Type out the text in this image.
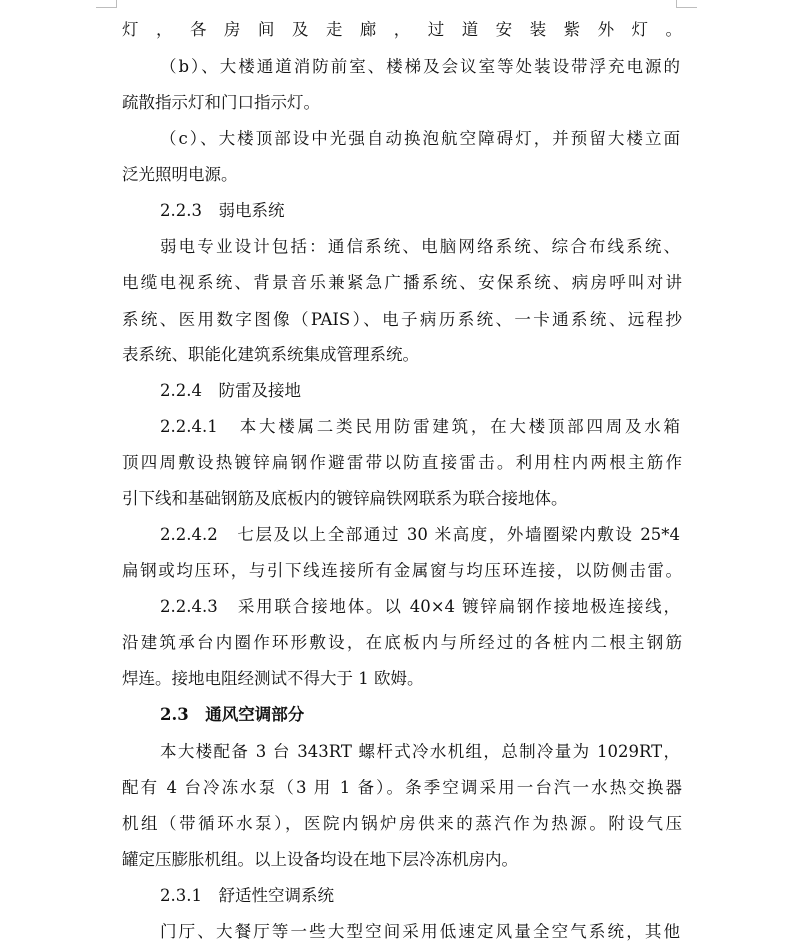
灯，各房间及走廊，过道安装紫外灯。
（b）、大楼通道消防前室、楼梯及会议室等处装设带浮充电源的
疏散指示灯和门口指示灯。
（c）、大楼顶部设中光强自动换泡航空障碍灯，并预留大楼立面
泛光照明电源。
2.2.3　弱电系统
弱电专业设计包括：通信系统、电脑网络系统、综合布线系统、
电缆电视系统、背景音乐兼紧急广播系统、安保系统、病房呼叫对讲
系统、医用数字图像（PAIS）、电子病历系统、一卡通系统、远程抄
表系统、职能化建筑系统集成管理系统。
2.2.4　防雷及接地
2.2.4.1　本大楼属二类民用防雷建筑，在大楼顶部四周及水箱
顶四周敷设热镀锌扁钢作避雷带以防直接雷击。利用柱内两根主筋作
引下线和基础钢筋及底板内的镀锌扁铁网联系为联合接地体。
2.2.4.2　七层及以上全部通过 30 米高度，外墙圈梁内敷设 25*4
扁钢或均压环，与引下线连接所有金属窗与均压环连接，以防侧击雷。
2.2.4.3　采用联合接地体。以 40×4 镀锌扁钢作接地极连接线，
沿建筑承台内圈作环形敷设，在底板内与所经过的各桩内二根主钢筋
焊连。接地电阻经测试不得大于 1 欧姆。
2.3　通风空调部分
本大楼配备 3 台 343RT 螺杆式冷水机组，总制冷量为 1029RT，
配有 4 台冷冻水泵（3 用 1 备）。条季空调采用一台汽一水热交换器
机组（带循环水泵），医院内锅炉房供来的蒸汽作为热源。附设气压
罐定压膨胀机组。以上设备均设在地下层冷冻机房内。
2.3.1　舒适性空调系统
门厅、大餐厅等一些大型空间采用低速定风量全空气系统，其他
